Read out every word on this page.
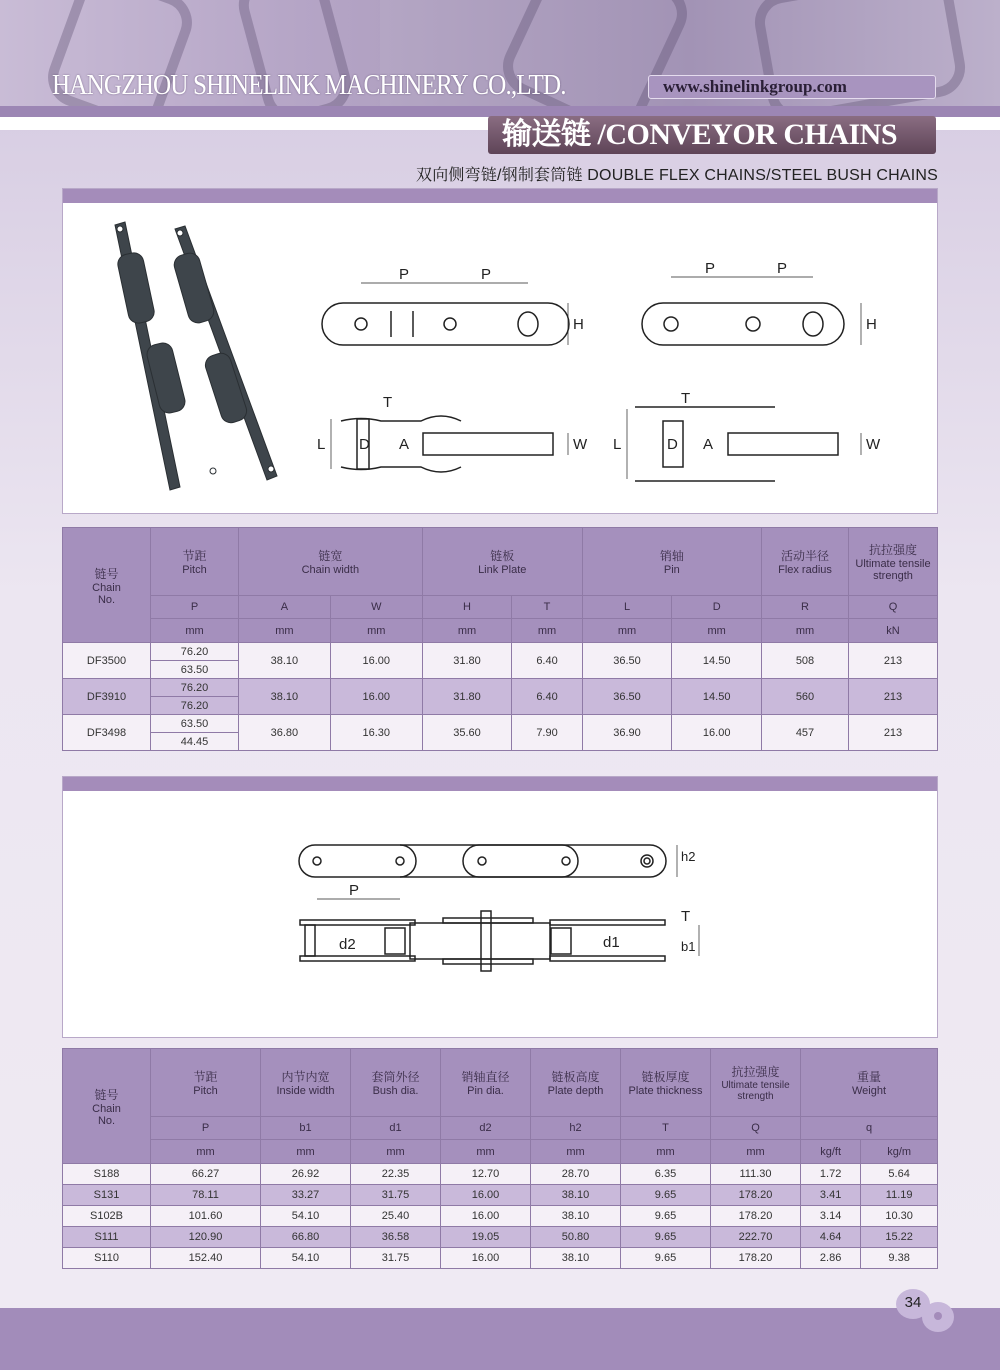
HANGZHOU SHINELINK MACHINERY CO.,LTD.	www.shinelinkgroup.com
输送链 /CONVEYOR CHAINS
双向侧弯链/钢制套筒链 DOUBLE FLEX CHAINS/STEEL BUSH CHAINS
P	P	P	P
H	H
T	T
L	L
D	D
A	A
W	W
链号
Chain
No.	节距
Pitch	链宽
Chain width		链板
Link Plate		销轴
Pin		活动半径
Flex radius	抗拉强度
Ultimate tensile strength
	P	A	W	H	T	L	D	R	Q
	mm	mm	mm	mm	mm	mm	mm	mm	kN
DF3500	76.20	38.10	16.00	31.80	6.40	36.50	14.50	508	213
	63.50								
DF3910	76.20	38.10	16.00	31.80	6.40	36.50	14.50	560	213
	76.20								
DF3498	63.50	36.80	16.30	35.60	7.90	36.90	16.00	457	213
	44.45								
P
h2
T
b1
d2	d1
链号
Chain
No.	节距
Pitch	内节内宽
Inside width	套筒外径
Bush dia.	销轴直径
Pin dia.	链板高度
Plate depth	链板厚度
Plate thickness	抗拉强度
Ultimate tensile strength	重量
Weight	
	P	b1	d1	d2	h2	T	Q	q	
	mm	mm	mm	mm	mm	mm	mm	kg/ft	kg/m
S188	66.27	26.92	22.35	12.70	28.70	6.35	111.30	1.72	5.64
S131	78.11	33.27	31.75	16.00	38.10	9.65	178.20	3.41	11.19
S102B	101.60	54.10	25.40	16.00	38.10	9.65	178.20	3.14	10.30
S111	120.90	66.80	36.58	19.05	50.80	9.65	222.70	4.64	15.22
S110	152.40	54.10	31.75	16.00	38.10	9.65	178.20	2.86	9.38
34
